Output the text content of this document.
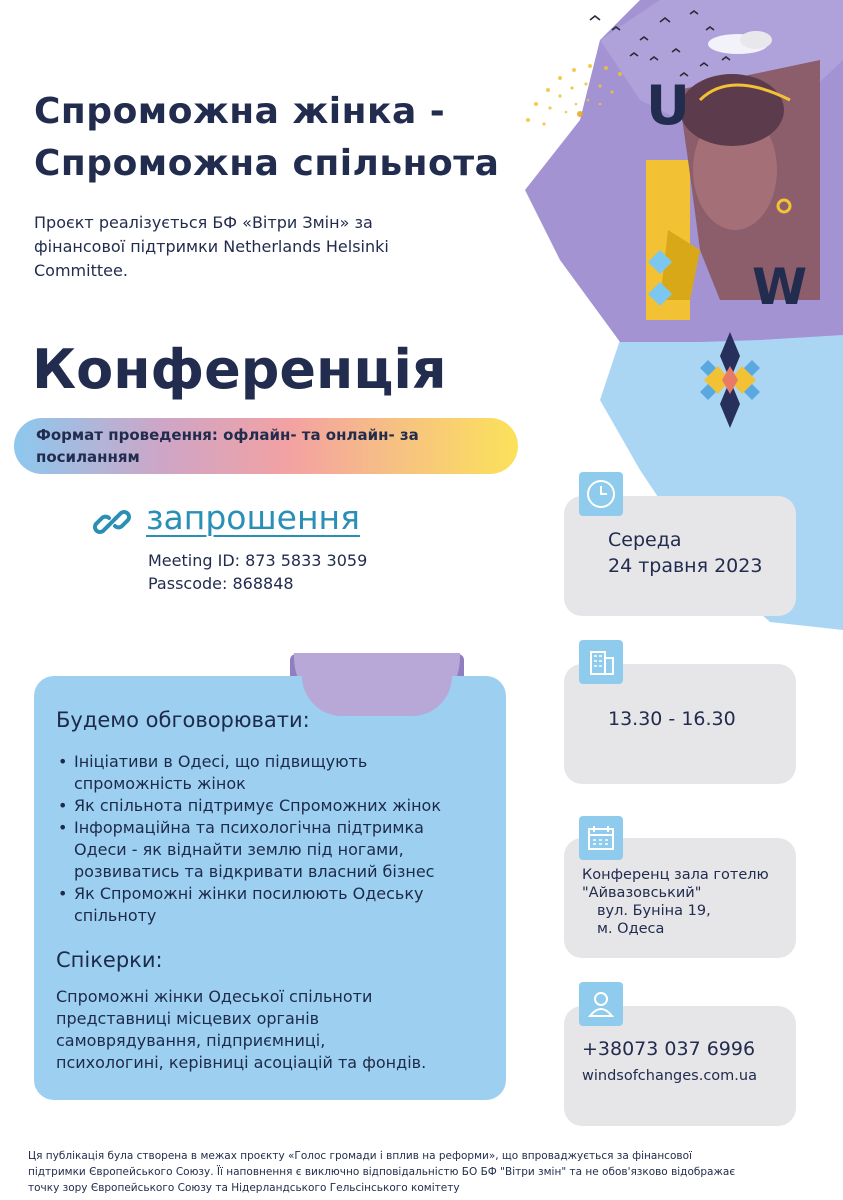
U
W
Спроможна жінка -
Спроможна спільнота
Проєкт реалізується БФ «Вітри Змін» за
фінансової підтримки Netherlands Helsinki
Committee.
Конференція
Формат проведення: офлайн- та онлайн- за
посиланням
запрошення
Meeting ID: 873 5833 3059
Passcode: 868848
Середа
24 травня 2023
13.30 - 16.30
Конференц зала готелю
"Айвазовський"
вул. Буніна 19,
м. Одеса
+38073 037 6996
windsofchanges.com.ua
Будемо обговорювати:
• Ініціативи в Одесі, що підвищують
спроможність жінок
• Як спільнота підтримує Спроможних жінок
• Інформаційна та психологічна підтримка
Одеси - як віднайти землю під ногами,
розвиватись та відкривати власний бізнес
• Як Спроможні жінки посилюють Одеську
спільноту
Спікерки:
Спроможні жінки Одеської спільноти
представниці місцевих органів
самоврядування, підприємниці,
психологині, керівниці асоціацій та фондів.
Ця публікація була створена в межах проєкту «Голос громади і вплив на реформи», що впроваджується за фінансової
підтримки Європейського Союзу. Її наповнення є виключно відповідальністю БО БФ "Вітри змін" та не обов'язково відображає
точку зору Європейського Союзу та Нідерландського Гельсінського комітету
